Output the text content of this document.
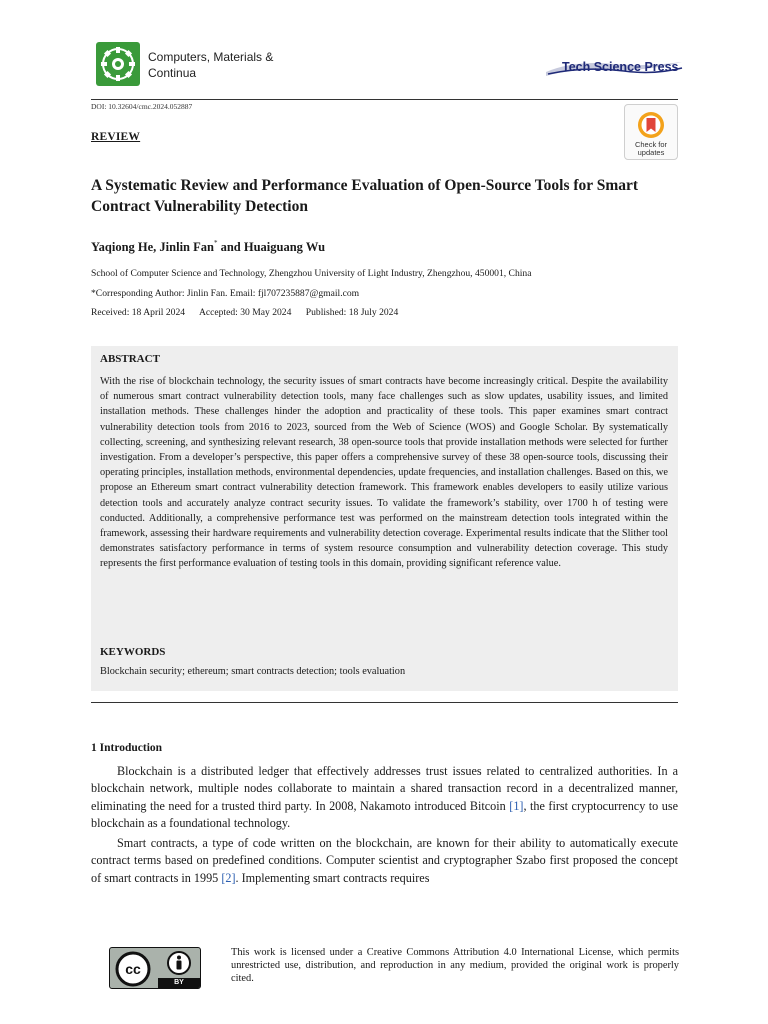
Computers, Materials & Continua	Tech Science Press
DOI: 10.32604/cmc.2024.052887
REVIEW
Check for updates
A Systematic Review and Performance Evaluation of Open-Source Tools for Smart Contract Vulnerability Detection
Yaqiong He, Jinlin Fan* and Huaiguang Wu
School of Computer Science and Technology, Zhengzhou University of Light Industry, Zhengzhou, 450001, China
*Corresponding Author: Jinlin Fan. Email: fjl707235887@gmail.com
Received: 18 April 2024 Accepted: 30 May 2024 Published: 18 July 2024
ABSTRACT

With the rise of blockchain technology, the security issues of smart contracts have become increasingly critical. Despite the availability of numerous smart contract vulnerability detection tools, many face challenges such as slow updates, usability issues, and limited installation methods. These challenges hinder the adoption and practicality of these tools. This paper examines smart contract vulnerability detection tools from 2016 to 2023, sourced from the Web of Science (WOS) and Google Scholar. By systematically collecting, screening, and synthesizing relevant research, 38 open-source tools that provide installation methods were selected for further investigation. From a developer’s perspective, this paper offers a comprehensive survey of these 38 open-source tools, discussing their operating principles, installation methods, environmental dependencies, update frequencies, and installation challenges. Based on this, we propose an Ethereum smart contract vulnerability detection framework. This framework enables developers to easily utilize various detection tools and accurately analyze contract security issues. To validate the framework’s stability, over 1700 h of testing were conducted. Additionally, a comprehensive performance test was performed on the mainstream detection tools integrated within the framework, assessing their hardware requirements and vulnerability detection coverage. Experimental results indicate that the Slither tool demonstrates satisfactory performance in terms of system resource consumption and vulnerability detection coverage. This study represents the first performance evaluation of testing tools in this domain, providing significant reference value.

KEYWORDS

Blockchain security; ethereum; smart contracts detection; tools evaluation

1 Introduction

Blockchain is a distributed ledger that effectively addresses trust issues related to centralized authorities. In a blockchain network, multiple nodes collaborate to maintain a shared transaction record in a decentralized manner, eliminating the need for a trusted third party. In 2008, Nakamoto introduced Bitcoin [1], the first cryptocurrency to use blockchain as a foundational technology.

Smart contracts, a type of code written on the blockchain, are known for their ability to automatically execute contract terms based on predefined conditions. Computer scientist and cryptographer Szabo first proposed the concept of smart contracts in 1995 [2]. Implementing smart contracts requires

cc
BY

This work is licensed under a Creative Commons Attribution 4.0 International License, which permits unrestricted use, distribution, and reproduction in any medium, provided the original work is properly cited.
